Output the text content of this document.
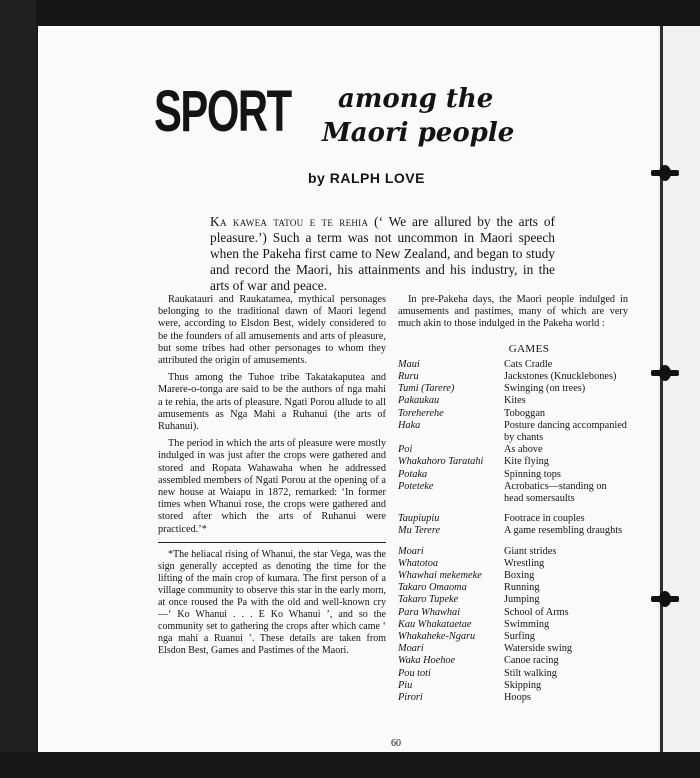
SPORT among the
Maori people
by RALPH LOVE
Ka kawea tatou e te rehia (‘ We are allured by the arts of pleasure.’) Such a term was not uncommon in Maori speech when the Pakeha first came to New Zealand, and began to study and record the Maori, his attainments and his industry, in the arts of war and peace.

Raukatauri and Raukatamea, mythical personages belonging to the traditional dawn of Maori legend were, according to Elsdon Best, widely considered to be the founders of all amusements and arts of pleasure, but some tribes had other personages to whom they attributed the origin of amusements.

Thus among the Tuhoe tribe Takatakaputea and Marere-o-tonga are said to be the authors of nga mahi a te rehia, the arts of pleasure. Ngati Porou allude to all amusements as Nga Mahi a Ruhanui (the arts of Ruhanui).

The period in which the arts of pleasure were mostly indulged in was just after the crops were gathered and stored and Ropata Wahawaha when he addressed assembled members of Ngati Porou at the opening of a new house at Waiapu in 1872, remarked: ‘In former times when Whanui rose, the crops were gathered and stored after which the arts of Ruhanui were practiced.’*

*The heliacal rising of Whanui, the star Vega, was the sign generally accepted as denoting the time for the lifting of the main crop of kumara. The first person of a village community to observe this star in the early morn, at once roused the Pa with the old and well-known cry—‘ Ko Whanui . . . E Ko Whanui ’, and so the community set to gathering the crops after which came ‘ nga mahi a Ruanui ’. These details are taken from Elsdon Best, Games and Pastimes of the Maori.

In pre-Pakeha days, the Maori people indulged in amusements and pastimes, many of which are very much akin to those indulged in the Pakeha world :

GAMES
Maui	Cats Cradle
Ruru	Jackstones (Knucklebones)
Tumi (Tarere)	Swinging (on trees)
Pakaukau	Kites
Toreherehe	Toboggan
Haka	Posture dancing accompanied by chants
Poi	As above
Whakahoro Taratahi	Kite flying
Potaka	Spinning tops
Poteteke	Acrobatics—standing on head somersaults
Taupiupiu	Footrace in couples
Mu Terere	A game resembling draughts
Moari	Giant strides
Whatotoa	Wrestling
Whawhai mekemeke	Boxing
Takaro Omaoma	Running
Takaro Tupeke	Jumping
Para Whawhai	School of Arms
Kau Whakataetae	Swimming
Whakaheke-Ngaru	Surfing
Moari	Waterside swing
Waka Hoehoe	Canoe racing
Pou toti	Stilt walking
Piu	Skipping
Pirori	Hoops
60
